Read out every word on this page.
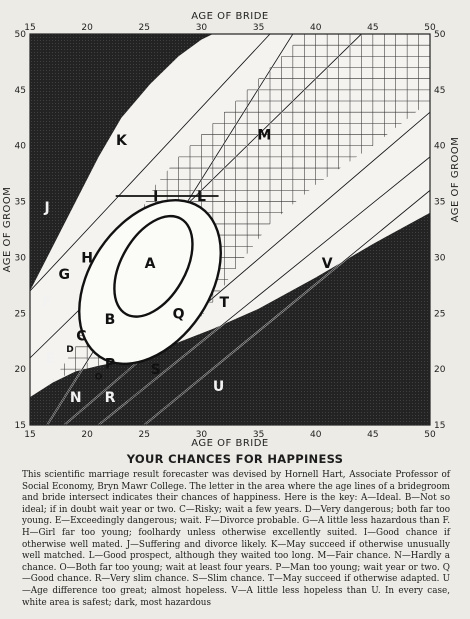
15
15
20
20
25
25
30
30
35
35
40
40
45
45
50
50
15	15
20	20
25	25
30	30
35	35
40	40
45	45
50	50
A
B
C
D
E
F
G
H
I
J
K
L
M
N
O
P
Q
R
S
T
U
V
AGE OF BRIDE
AGE OF BRIDE
AGE OF GROOM
AGE OF GROOM
YOUR CHANCES FOR HAPPINESS

This scientific marriage result forecaster was devised by Hornell Hart, Associate Professor of Social Economy, Bryn Mawr College. The letter in the area where the age lines of a bridegroom and bride intersect indicates their chances of happiness. Here is the key: A—Ideal. B—Not so ideal; if in doubt wait year or two. C—Risky; wait a few years. D—Very dangerous; both far too young. E—Exceedingly dangerous; wait. F—Divorce probable. G—A little less hazardous than F. H—Girl far too young; foolhardy unless otherwise excellently suited. I—Good chance if otherwise well mated. J—Suffering and divorce likely. K—May succeed if otherwise unusually well matched. L—Good prospect, although they waited too long. M—Fair chance. N—Hardly a chance. O—Both far too young; wait at least four years. P—Man too young; wait year or two. Q—Good chance. R—Very slim chance. S—Slim chance. T—May succeed if otherwise adapted. U—Age difference too great; almost hopeless. V—A little less hopeless than U. In every case, white area is safest; dark, most hazardous
